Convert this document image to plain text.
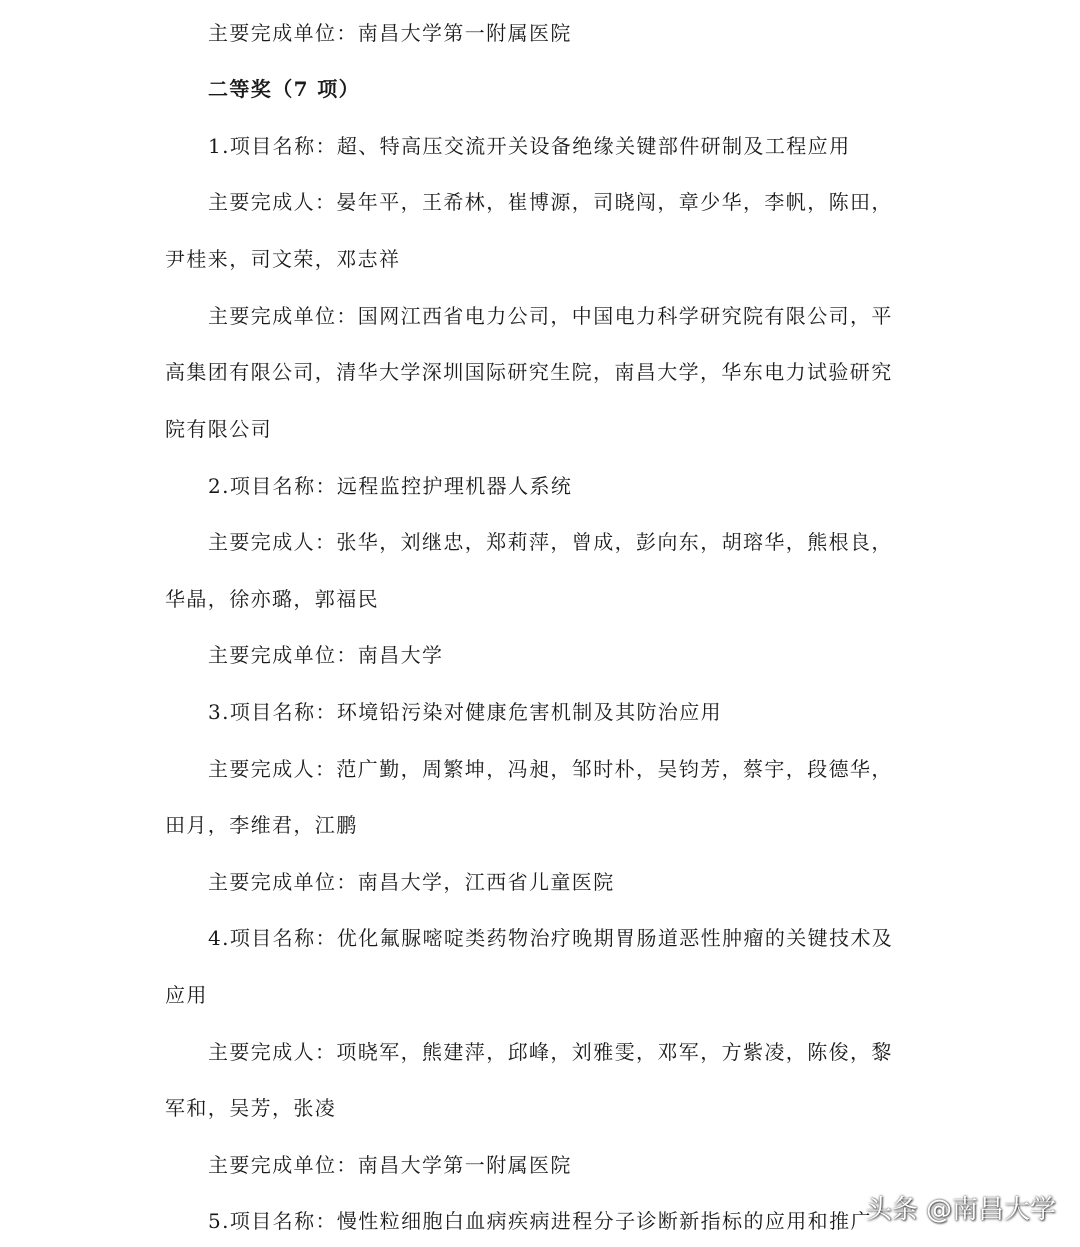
主要完成单位：南昌大学第一附属医院
二等奖（7 项）
1.项目名称：超、特高压交流开关设备绝缘关键部件研制及工程应用
主要完成人：晏年平，王希林，崔博源，司晓闯，章少华，李帆，陈田，
尹桂来，司文荣，邓志祥
主要完成单位：国网江西省电力公司，中国电力科学研究院有限公司，平
高集团有限公司，清华大学深圳国际研究生院，南昌大学，华东电力试验研究
院有限公司
2.项目名称：远程监控护理机器人系统
主要完成人：张华，刘继忠，郑莉萍，曾成，彭向东，胡瑢华，熊根良，
华晶，徐亦璐，郭福民
主要完成单位：南昌大学
3.项目名称：环境铅污染对健康危害机制及其防治应用
主要完成人：范广勤，周繁坤，冯昶，邹时朴，吴钧芳，蔡宇，段德华，
田月，李维君，江鹏
主要完成单位：南昌大学，江西省儿童医院
4.项目名称：优化氟脲嘧啶类药物治疗晚期胃肠道恶性肿瘤的关键技术及
应用
主要完成人：项晓军，熊建萍，邱峰，刘雅雯，邓军，方紫凌，陈俊，黎
军和，吴芳，张凌
主要完成单位：南昌大学第一附属医院
5.项目名称：慢性粒细胞白血病疾病进程分子诊断新指标的应用和推广
头条 @南昌大学
